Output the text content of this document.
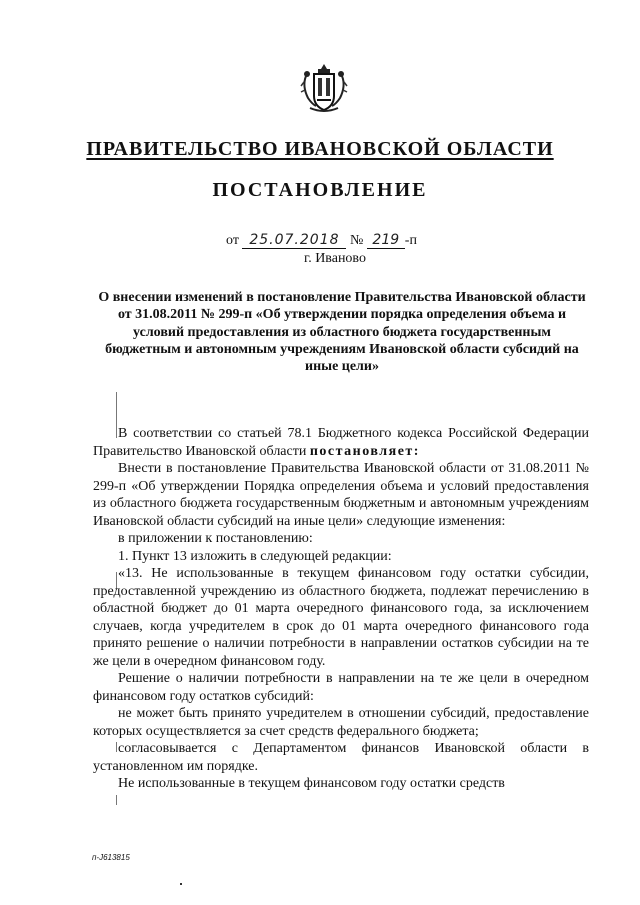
ПРАВИТЕЛЬСТВО ИВАНОВСКОЙ ОБЛАСТИ
ПОСТАНОВЛЕНИЕ
от 25.07.2018 № 219 -п
г. Иваново
О внесении изменений в постановление Правительства Ивановской области от 31.08.2011 № 299-п «Об утверждении порядка определения объема и условий предоставления из областного бюджета государственным бюджетным и автономным учреждениям Ивановской области субсидий на иные цели»

В соответствии со статьей 78.1 Бюджетного кодекса Российской Федерации Правительство Ивановской области постановляет:

Внести в постановление Правительства Ивановской области от 31.08.2011 № 299-п «Об утверждении Порядка определения объема и условий предоставления из областного бюджета государственным бюджетным и автономным учреждениям Ивановской области субсидий на иные цели» следующие изменения:

в приложении к постановлению:

1. Пункт 13 изложить в следующей редакции:

«13. Не использованные в текущем финансовом году остатки субсидии, предоставленной учреждению из областного бюджета, подлежат перечислению в областной бюджет до 01 марта очередного финансового года, за исключением случаев, когда учредителем в срок до 01 марта очередного финансового года принято решение о наличии потребности в направлении остатков субсидии на те же цели в очередном финансовом году.

Решение о наличии потребности в направлении на те же цели в очередном финансовом году остатков субсидий:

не может быть принято учредителем в отношении субсидий, предоставление которых осуществляется за счет средств федерального бюджета;

согласовывается с Департаментом финансов Ивановской области в установленном им порядке.

Не использованные в текущем финансовом году остатки средств

п-J613815
